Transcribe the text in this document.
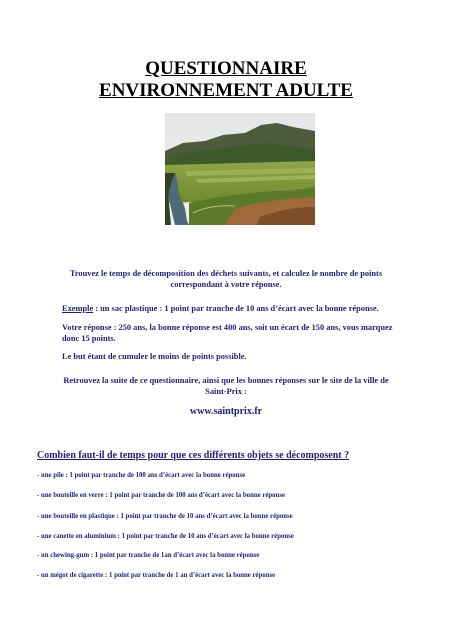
QUESTIONNAIRE
ENVIRONNEMENT ADULTE
Trouvez le temps de décomposition des déchets suivants, et calculez le nombre de points correspondant à votre réponse.
Exemple : un sac plastique : 1 point par tranche de 10 ans d’écart avec la bonne réponse.
Votre réponse : 250 ans, la bonne réponse est 400 ans, soit un écart de 150 ans, vous marquez donc 15 points.
Le but étant de cumuler le moins de points possible.
Retrouvez la suite de ce questionnaire, ainsi que les bonnes réponses sur le site de la ville de Saint-Prix :
www.saintprix.fr
Combien faut-il de temps pour que ces différents objets se décomposent ?
- une pile : 1 point par tranche de 100 ans d’écart avec la bonne réponse
- une bouteille en verre : 1 point par tranche de 100 ans d’écart avec la bonne réponse
- une bouteille en plastique : 1 point par tranche de 10 ans d’écart avec la bonne réponse
- une canette en aluminium : 1 point par tranche de 10 ans d’écart avec la bonne réponse
- un chewing-gum : 1 point par tranche de 1an d’écart avec la bonne réponse
- un mégot de cigarette : 1 point par tranche de 1 an d’écart avec la bonne réponse
